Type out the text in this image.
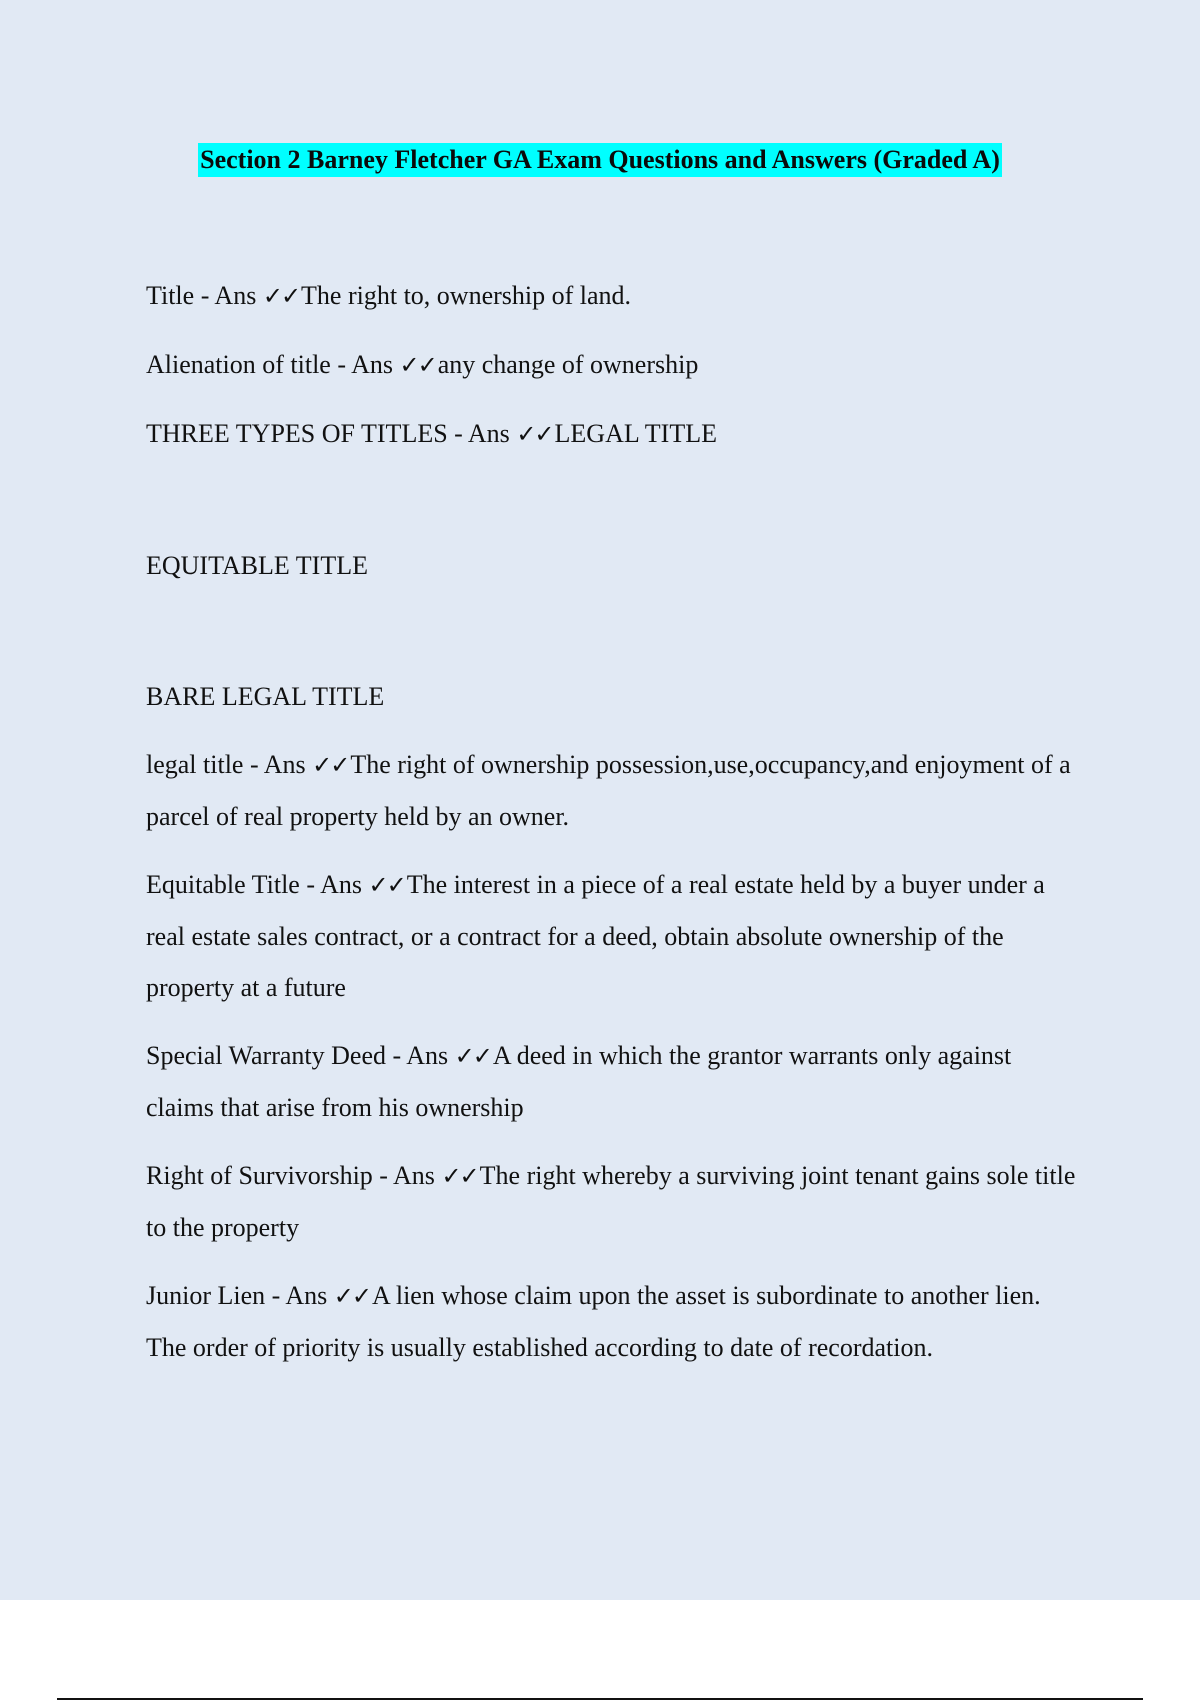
Section 2 Barney Fletcher GA Exam Questions and Answers (Graded A)

Title - Ans ✓✓The right to, ownership of land.

Alienation of title - Ans ✓✓any change of ownership

THREE TYPES OF TITLES - Ans ✓✓LEGAL TITLE

EQUITABLE TITLE

BARE LEGAL TITLE

legal title - Ans ✓✓The right of ownership possession,use,occupancy,and enjoyment of a parcel of real property held by an owner.

Equitable Title - Ans ✓✓The interest in a piece of a real estate held by a buyer under a real estate sales contract, or a contract for a deed, obtain absolute ownership of the property at a future

Special Warranty Deed - Ans ✓✓A deed in which the grantor warrants only against claims that arise from his ownership

Right of Survivorship - Ans ✓✓The right whereby a surviving joint tenant gains sole title to the property

Junior Lien - Ans ✓✓A lien whose claim upon the asset is subordinate to another lien. The order of priority is usually established according to date of recordation.
